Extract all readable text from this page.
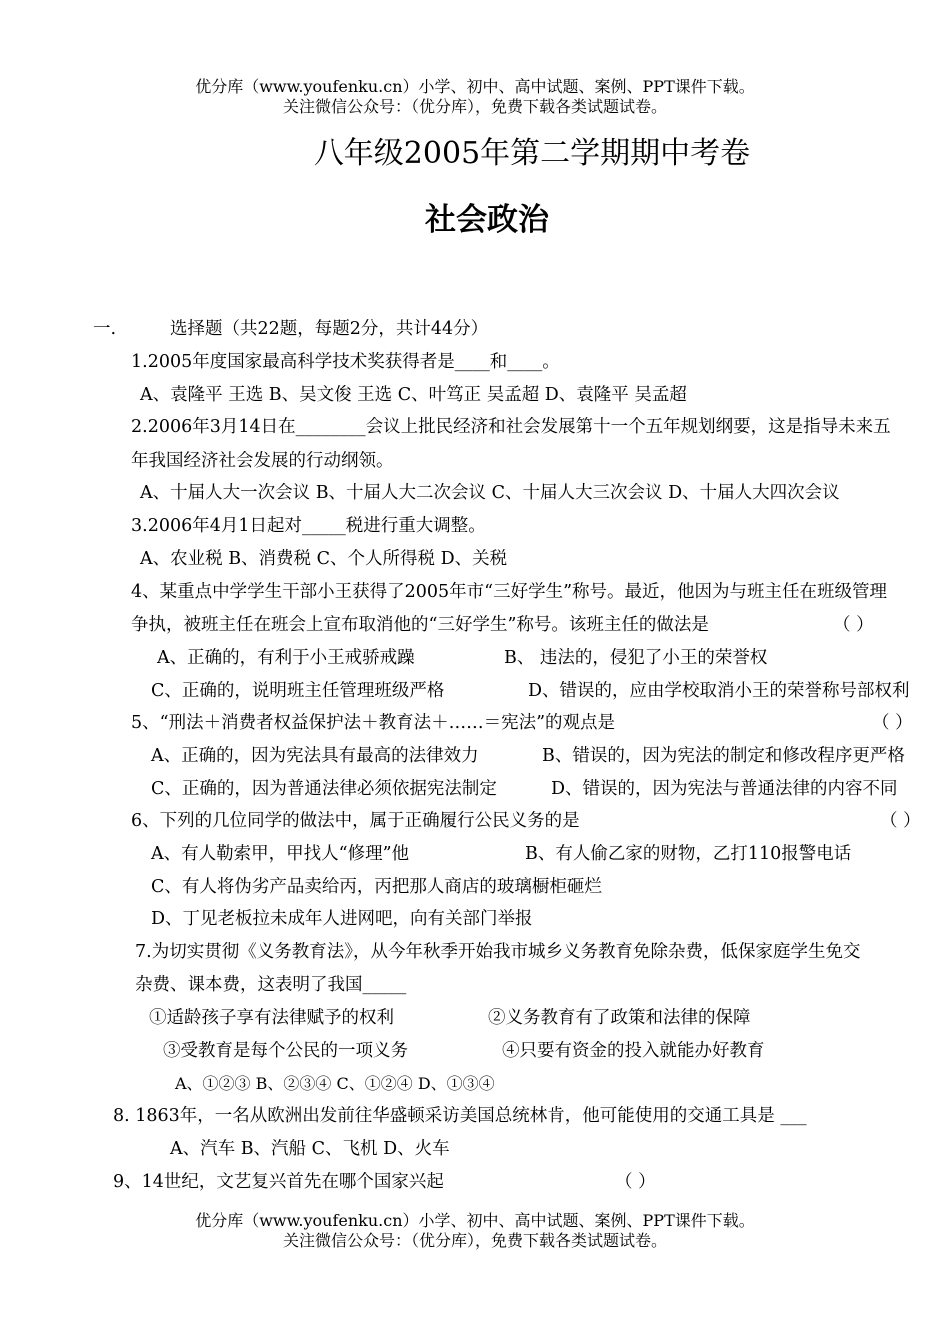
优分库（www.youfenku.cn）小学、初中、高中试题、案例、PPT课件下载。
关注微信公众号：（优分库），免费下载各类试题试卷。
八年级2005年第二学期期中考卷
社会政治
一.	选择题（共22题，每题2分，共计44分）
1.2005年度国家最高科学技术奖获得者是____和____。
A、袁隆平 王选 B、吴文俊 王选 C、叶笃正 吴孟超 D、袁隆平 吴孟超
2.2006年3月14日在________会议上批民经济和社会发展第十一个五年规划纲要，这是指导未来五
年我国经济社会发展的行动纲领。
A、十届人大一次会议 B、十届人大二次会议 C、十届人大三次会议 D、十届人大四次会议
3.2006年4月1日起对_____税进行重大调整。
A、农业税 B、消费税 C、个人所得税 D、关税
4、某重点中学学生干部小王获得了2005年市“三好学生”称号。最近，他因为与班主任在班级管理
争执，被班主任在班会上宣布取消他的“三好学生”称号。该班主任的做法是	（ ）
A、正确的，有利于小王戒骄戒躁	B、 违法的，侵犯了小王的荣誉权
C、正确的，说明班主任管理班级严格	D、错误的，应由学校取消小王的荣誉称号部权利
5、“刑法＋消费者权益保护法＋教育法＋……＝宪法”的观点是	（ ）
A、正确的，因为宪法具有最高的法律效力	B、错误的，因为宪法的制定和修改程序更严格
C、正确的，因为普通法律必须依据宪法制定	D、错误的，因为宪法与普通法律的内容不同
6、下列的几位同学的做法中，属于正确履行公民义务的是	（ ）
A、有人勒索甲，甲找人“修理”他	B、有人偷乙家的财物，乙打110报警电话
C、有人将伪劣产品卖给丙，丙把那人商店的玻璃橱柜砸烂
D、丁见老板拉未成年人进网吧，向有关部门举报
7.为切实贯彻《义务教育法》，从今年秋季开始我市城乡义务教育免除杂费，低保家庭学生免交
杂费、课本费，这表明了我国_____
①适龄孩子享有法律赋予的权利	②义务教育有了政策和法律的保障
③受教育是每个公民的一项义务	④只要有资金的投入就能办好教育
A、①②③ B、②③④ C、①②④ D、①③④
8. 1863年，一名从欧洲出发前往华盛顿采访美国总统林肯，他可能使用的交通工具是 ___
A、汽车 B、汽船 C、飞机 D、火车
9、14世纪，文艺复兴首先在哪个国家兴起	（ ）
优分库（www.youfenku.cn）小学、初中、高中试题、案例、PPT课件下载。
关注微信公众号：（优分库），免费下载各类试题试卷。
